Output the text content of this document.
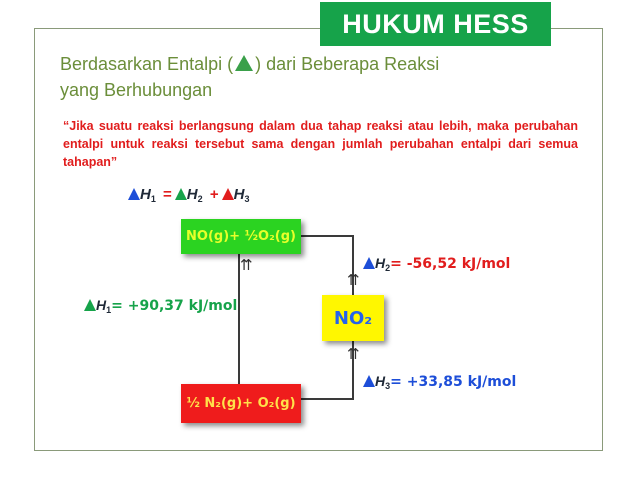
HUKUM HESS
Berdasarkan Entalpi ( ) dari Beberapa Reaksi
yang Berhubungan
“Jika suatu reaksi berlangsung dalam dua tahap reaksi atau lebih, maka perubahan entalpi untuk reaksi tersebut sama dengan jumlah perubahan entalpi dari semua tahapan”
$H_1 = H_2 + H_3$
⇈
⇈
⇈
NO(g)+ ½O₂(g)
NO₂
½ N₂(g)+ O₂(g)
$H_2= -56,52$ kJ/mol
$H_1= +90,37$ kJ/mol
$H_3= +33,85$ kJ/mol
